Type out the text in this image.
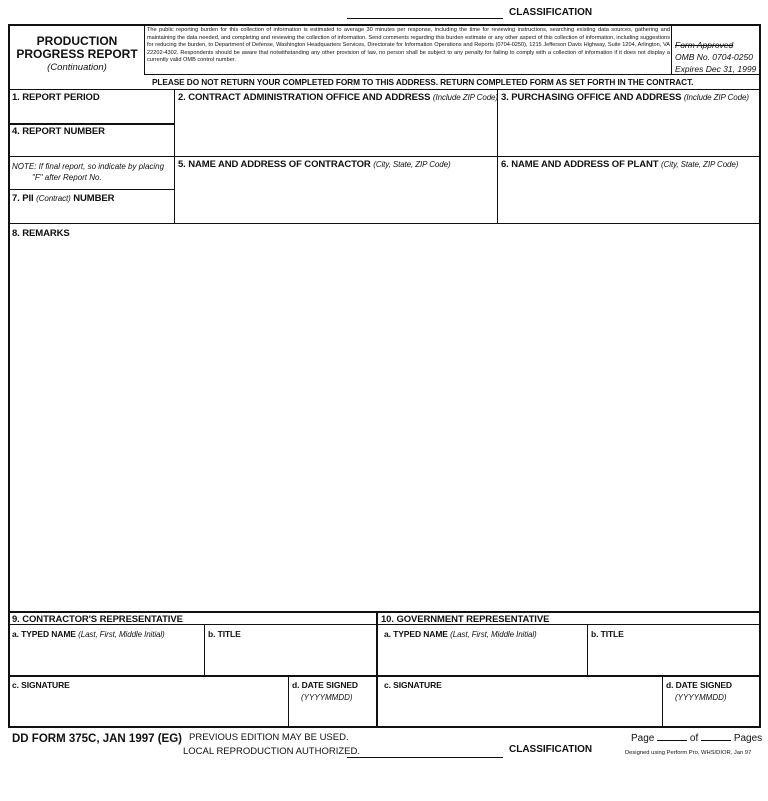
CLASSIFICATION
PRODUCTION
PROGRESS REPORT
(Continuation)
The public reporting burden for this collection of information is estimated to average 30 minutes per response, including the time for reviewing instructions, searching existing data sources, gathering and maintaining the data needed, and completing and reviewing the collection of information. Send comments regarding this burden estimate or any other aspect of this collection of information, including suggestions for reducing the burden, to Department of Defense, Washington Headquarters Services, Directorate for Information Operations and Reports (0704-0250), 1215 Jefferson Davis Highway, Suite 1204, Arlington, VA 22202-4302. Respondents should be aware that notwithstanding any other provision of law, no person shall be subject to any penalty for failing to comply with a collection of information if it does not display a currently valid OMB control number.
Form Approved
OMB No. 0704-0250
Expires Dec 31, 1999
PLEASE DO NOT RETURN YOUR COMPLETED FORM TO THIS ADDRESS. RETURN COMPLETED FORM AS SET FORTH IN THE CONTRACT.
1. REPORT PERIOD	2. CONTRACT ADMINISTRATION OFFICE AND ADDRESS (Include ZIP Code) 3. PURCHASING OFFICE AND ADDRESS (Include ZIP Code)
4. REPORT NUMBER
NOTE: If final report, so indicate by placing
"F" after Report No.
5. NAME AND ADDRESS OF CONTRACTOR (City, State, ZIP Code)	6. NAME AND ADDRESS OF PLANT (City, State, ZIP Code)
7. PII (Contract) NUMBER
8. REMARKS
9. CONTRACTOR'S REPRESENTATIVE	10. GOVERNMENT REPRESENTATIVE
a. TYPED NAME (Last, First, Middle Initial)	b. TITLE
c. SIGNATURE	d. DATE SIGNED
(YYYYMMDD)
a. TYPED NAME (Last, First, Middle Initial)	b. TITLE
c. SIGNATURE	d. DATE SIGNED
(YYYYMMDD)
DD FORM 375C, JAN 1997 (EG) PREVIOUS EDITION MAY BE USED.
LOCAL REPRODUCTION AUTHORIZED.	CLASSIFICATION
Page	of	Pages
Designed using Perform Pro, WHS/DIOR, Jan 97
